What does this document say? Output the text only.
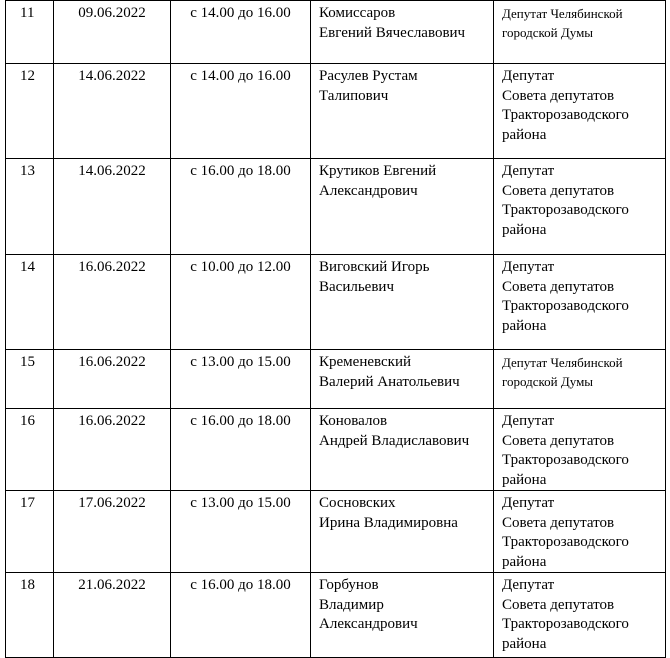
11	09.06.2022	с 14.00 до 16.00	Комиссаров
Евгений Вячеславович	Депутат Челябинской
городской Думы

12	14.06.2022	с 14.00 до 16.00	Расулев Рустам
Талипович	Депутат
Совета депутатов
Тракторозаводского
района

13	14.06.2022	с 16.00 до 18.00	Крутиков Евгений
Александрович	Депутат
Совета депутатов
Тракторозаводского
района

14	16.06.2022	с 10.00 до 12.00	Виговский Игорь
Васильевич	Депутат
Совета депутатов
Тракторозаводского
района

15	16.06.2022	с 13.00 до 15.00	Кременевский
Валерий Анатольевич	Депутат Челябинской
городской Думы

16	16.06.2022	с 16.00 до 18.00	Коновалов
Андрей Владиславович	Депутат
Совета депутатов
Тракторозаводского
района

17	17.06.2022	с 13.00 до 15.00	Сосновских
Ирина Владимировна	Депутат
Совета депутатов
Тракторозаводского
района

18	21.06.2022	с 16.00 до 18.00	Горбунов
Владимир
Александрович	Депутат
Совета депутатов
Тракторозаводского
района
